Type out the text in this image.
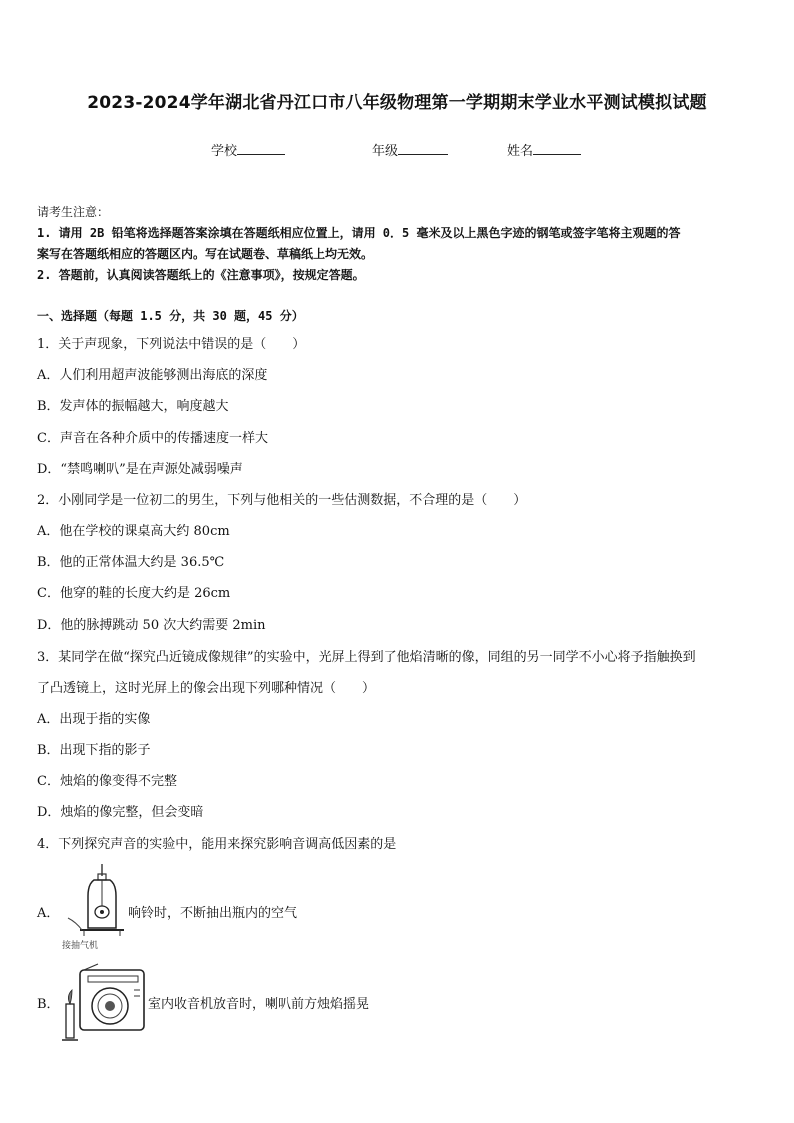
2023-2024学年湖北省丹江口市八年级物理第一学期期末学业水平测试模拟试题
学校	年级	姓名
请考生注意：
1. 请用 2B 铅笔将选择题答案涂填在答题纸相应位置上，请用 0．5 毫米及以上黑色字迹的钢笔或签字笔将主观题的答
案写在答题纸相应的答题区内。写在试题卷、草稿纸上均无效。
2. 答题前，认真阅读答题纸上的《注意事项》，按规定答题。
一、选择题（每题 1.5 分，共 30 题，45 分）
1．关于声现象，下列说法中错误的是（　　）
A．人们利用超声波能够测出海底的深度
B．发声体的振幅越大，响度越大
C．声音在各种介质中的传播速度一样大
D．“禁鸣喇叭”是在声源处减弱噪声
2．小刚同学是一位初二的男生，下列与他相关的一些估测数据，不合理的是（　　）
A．他在学校的课桌高大约 80cm
B．他的正常体温大约是 36.5℃
C．他穿的鞋的长度大约是 26cm
D．他的脉搏跳动 50 次大约需要 2min
3．某同学在做“探究凸近镜成像规律”的实验中，光屏上得到了他焰清晰的像，同组的另一同学不小心将予指触换到
了凸透镜上，这时光屏上的像会出现下列哪种情况（　　）
A．出现于指的实像
B．出现下指的影子
C．烛焰的像变得不完整
D．烛焰的像完整，但会变暗
4．下列探究声音的实验中，能用来探究影响音调高低因素的是
A．
接抽气机
响铃时，不断抽出瓶内的空气
B．	室内收音机放音时，喇叭前方烛焰摇晃
